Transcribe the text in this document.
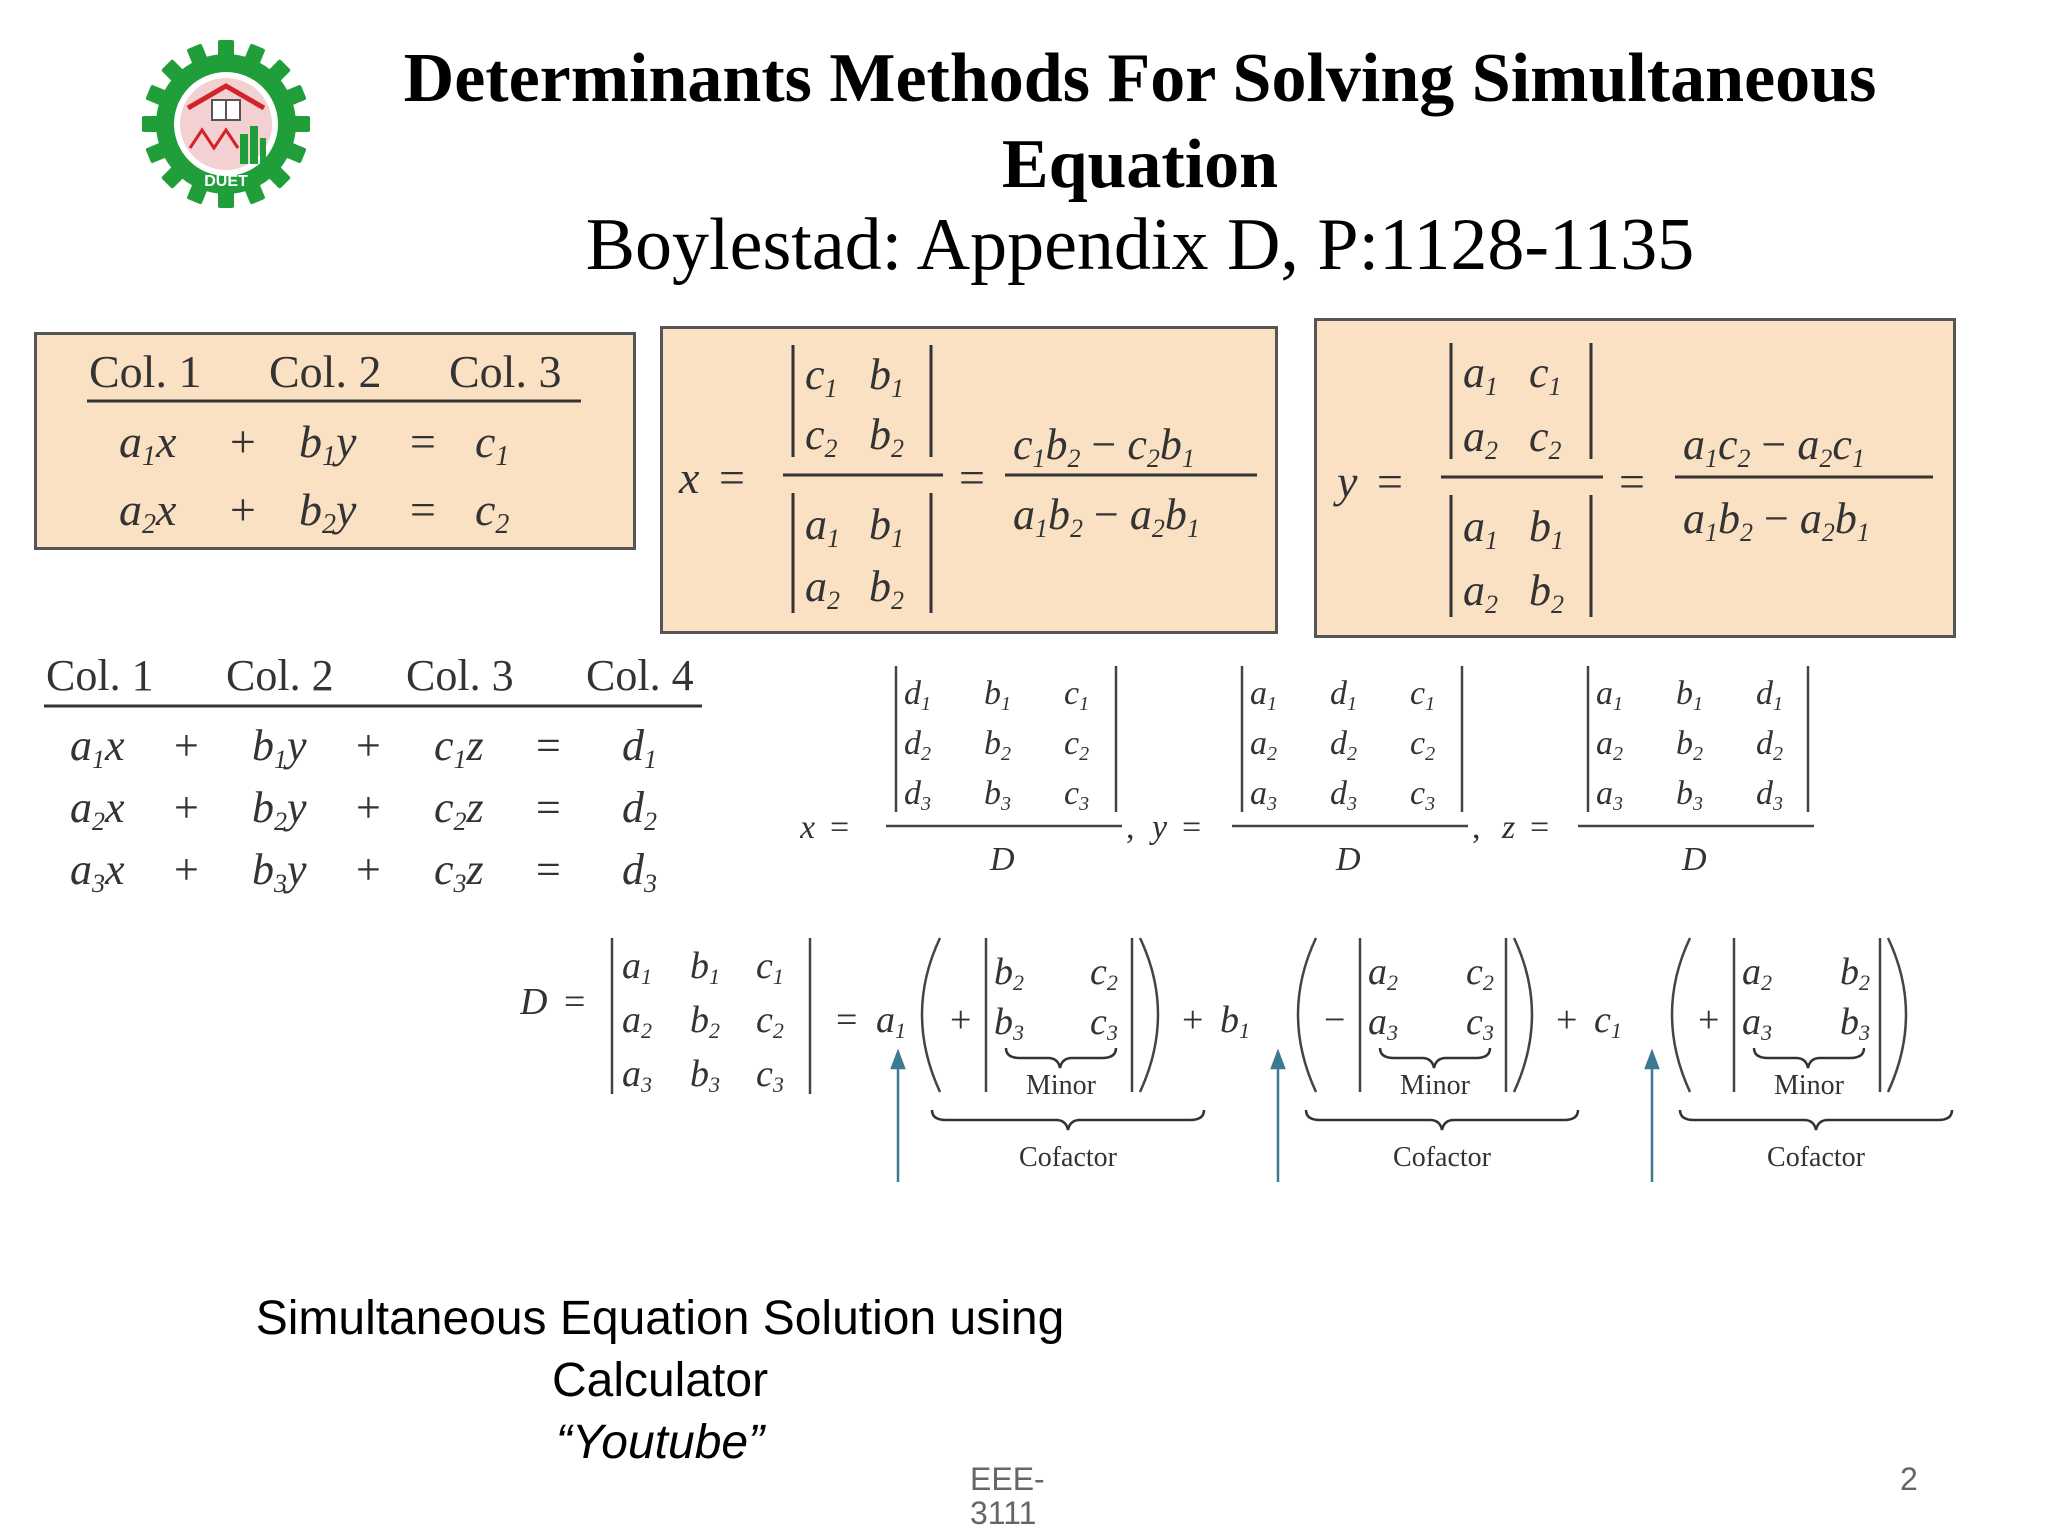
DUET
Determinants Methods For Solving Simultaneous Equation
Boylestad: Appendix D, P:1128-1135
Col. 1 Col. 2 Col. 3
a1x + b1y = c1
a2x + b2y = c2
x =
c1 b1
c2 b2
a1 b1
a2 b2
=
c1b2 − c2b1
a1b2 − a2b1
y =
a1 c1
a2 c2
a1 b1
a2 b2
=
a1c2 − a2c1
a1b2 − a2b1
Col. 1 Col. 2 Col. 3 Col. 4
a1x + b1y + c1z = d1
a2x + b2y + c2z = d2
a3x + b3y + c3z = d3
x =
d1 b1 c1
d2 b2 c2
d3 b3 c3
D
, y =
a1 d1 c1
a2 d2 c2
a3 d3 c3
D
, z =
a1 b1 d1
a2 b2 d2
a3 b3 d3
D
D =
a1 b1 c1
a2 b2 c2
a3 b3 c3
= a1 +
b2 c2
b3 c3 + b1 −
a2 c2
a3 c3 + c1 +
a2 b2
a3 b3
Minor	Minor	Minor
Cofactor	Cofactor	Cofactor
Simultaneous Equation Solution using
Calculator
“Youtube”
EEE-
3111
2
